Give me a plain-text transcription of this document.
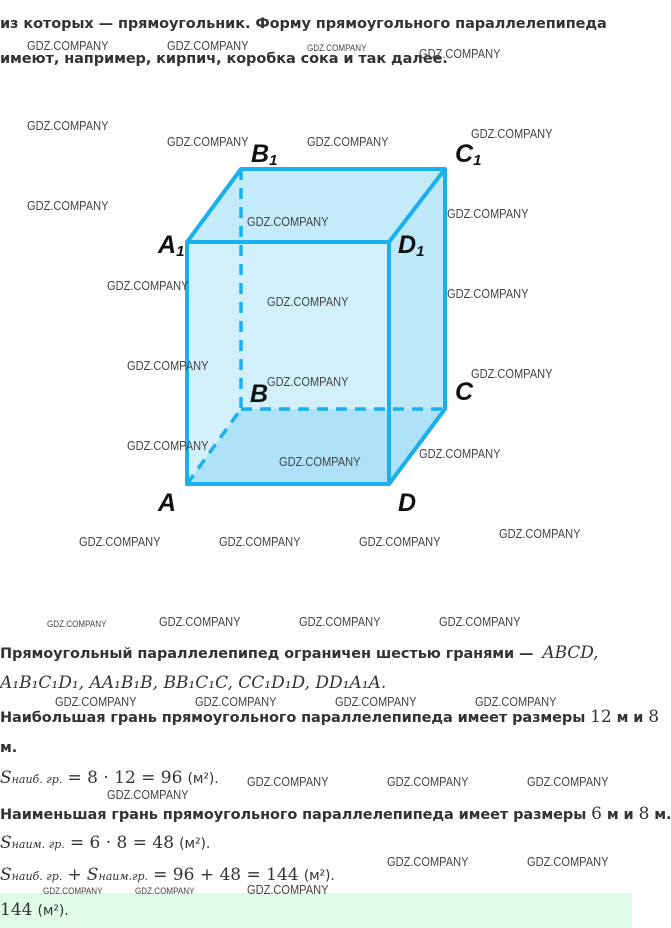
из которых — прямоугольник. Форму прямоугольного параллелепипеда
имеют, например, кирпич, коробка сока и так далее.
B1	C1
A1	D1
B	C
A	D
Прямоугольный параллелепипед ограничен шестью гранями — ABCD,
A₁B₁C₁D₁, AA₁B₁B, BB₁C₁C, CC₁D₁D, DD₁A₁A.
Наибольшая грань прямоугольного параллелепипеда имеет размеры 12 м и 8
м.
Sнаиб. гр. = 8 · 12 = 96 (м²).
Наименьшая грань прямоугольного параллелепипеда имеет размеры 6 м и 8 м.
Sнаим. гр. = 6 · 8 = 48 (м²).
Sнаиб. гр. + Sнаим.гр. = 96 + 48 = 144 (м²).
144 (м²).
GDZ.COMPANY	GDZ.COMPANY	GDZ.COMPANY	GDZ.COMPANY
GDZ.COMPANY
GDZ.COMPANY	GDZ.COMPANY
GDZ.COMPANY
GDZ.COMPANY
GDZ.COMPANY
GDZ.COMPANY
GDZ.COMPANY
GDZ.COMPANY
GDZ.COMPANY
GDZ.COMPANY
GDZ.COMPANY
GDZ.COMPANY
GDZ.COMPANY
GDZ.COMPANY
GDZ.COMPANY
GDZ.COMPANY	GDZ.COMPANY	GDZ.COMPANY
GDZ.COMPANY
GDZ.COMPANY	GDZ.COMPANY	GDZ.COMPANY	GDZ.COMPANY
GDZ.COMPANY	GDZ.COMPANY	GDZ.COMPANY	GDZ.COMPANY
GDZ.COMPANY	GDZ.COMPANY	GDZ.COMPANY
GDZ.COMPANY
GDZ.COMPANY	GDZ.COMPANY
GDZ.COMPANY	GDZ.COMPANY	GDZ.COMPANY
